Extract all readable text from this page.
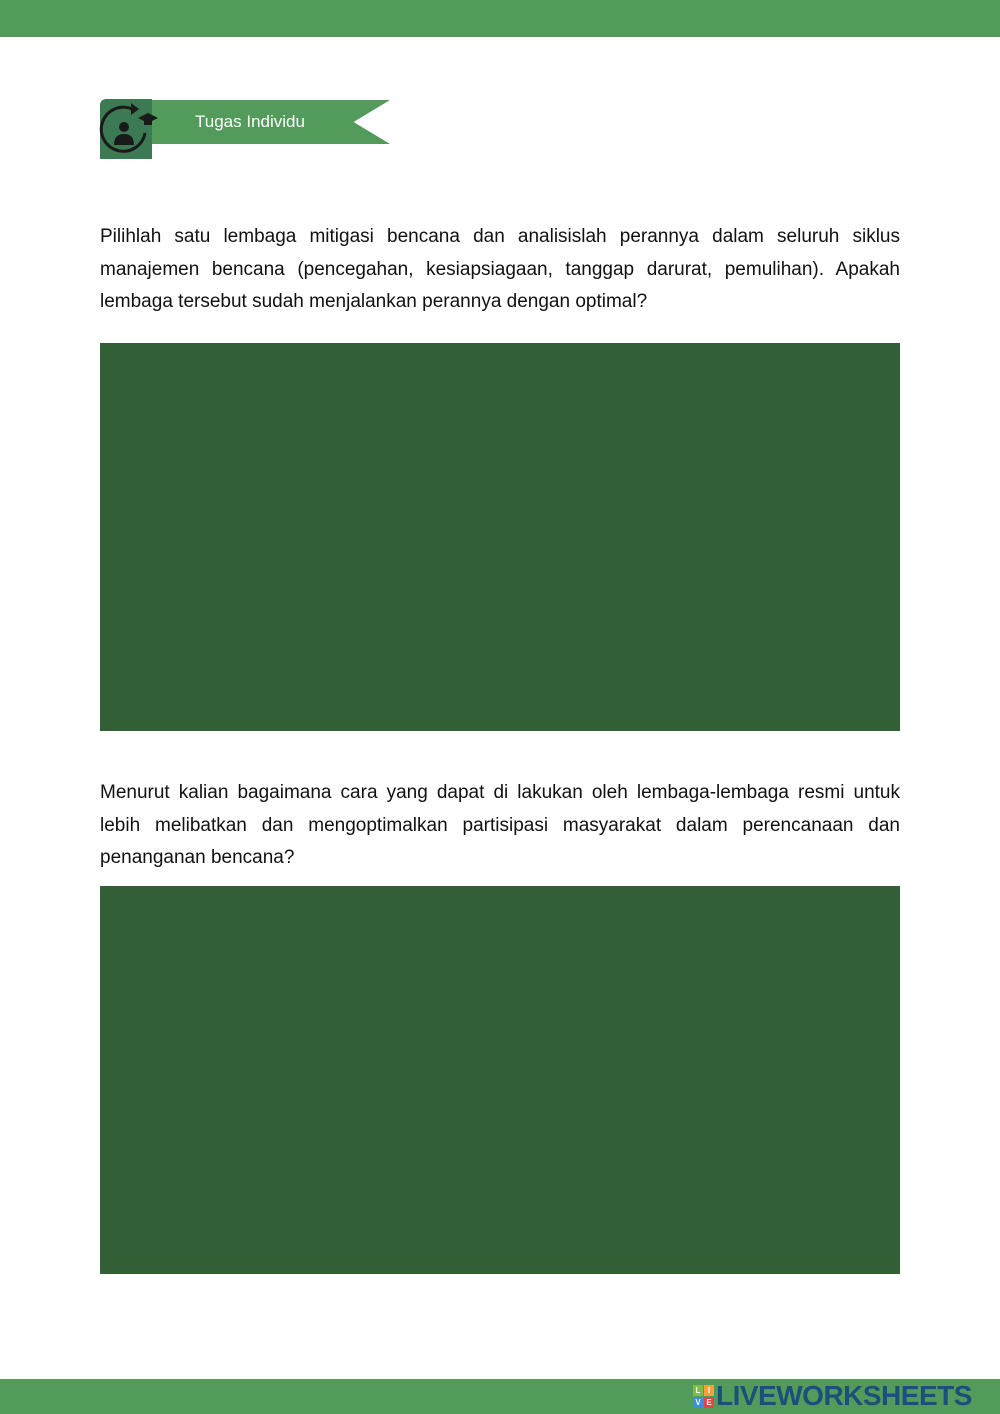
Tugas Individu

Pilihlah satu lembaga mitigasi bencana dan analisislah perannya dalam seluruh siklus manajemen bencana (pencegahan, kesiapsiagaan, tanggap darurat, pemulihan). Apakah lembaga tersebut sudah menjalankan perannya dengan optimal?

Menurut kalian bagaimana cara yang dapat di lakukan oleh lembaga-lembaga resmi untuk lebih melibatkan dan mengoptimalkan partisipasi masyarakat dalam perencanaan dan penanganan bencana?

L I
V E LIVEWORKSHEETS
